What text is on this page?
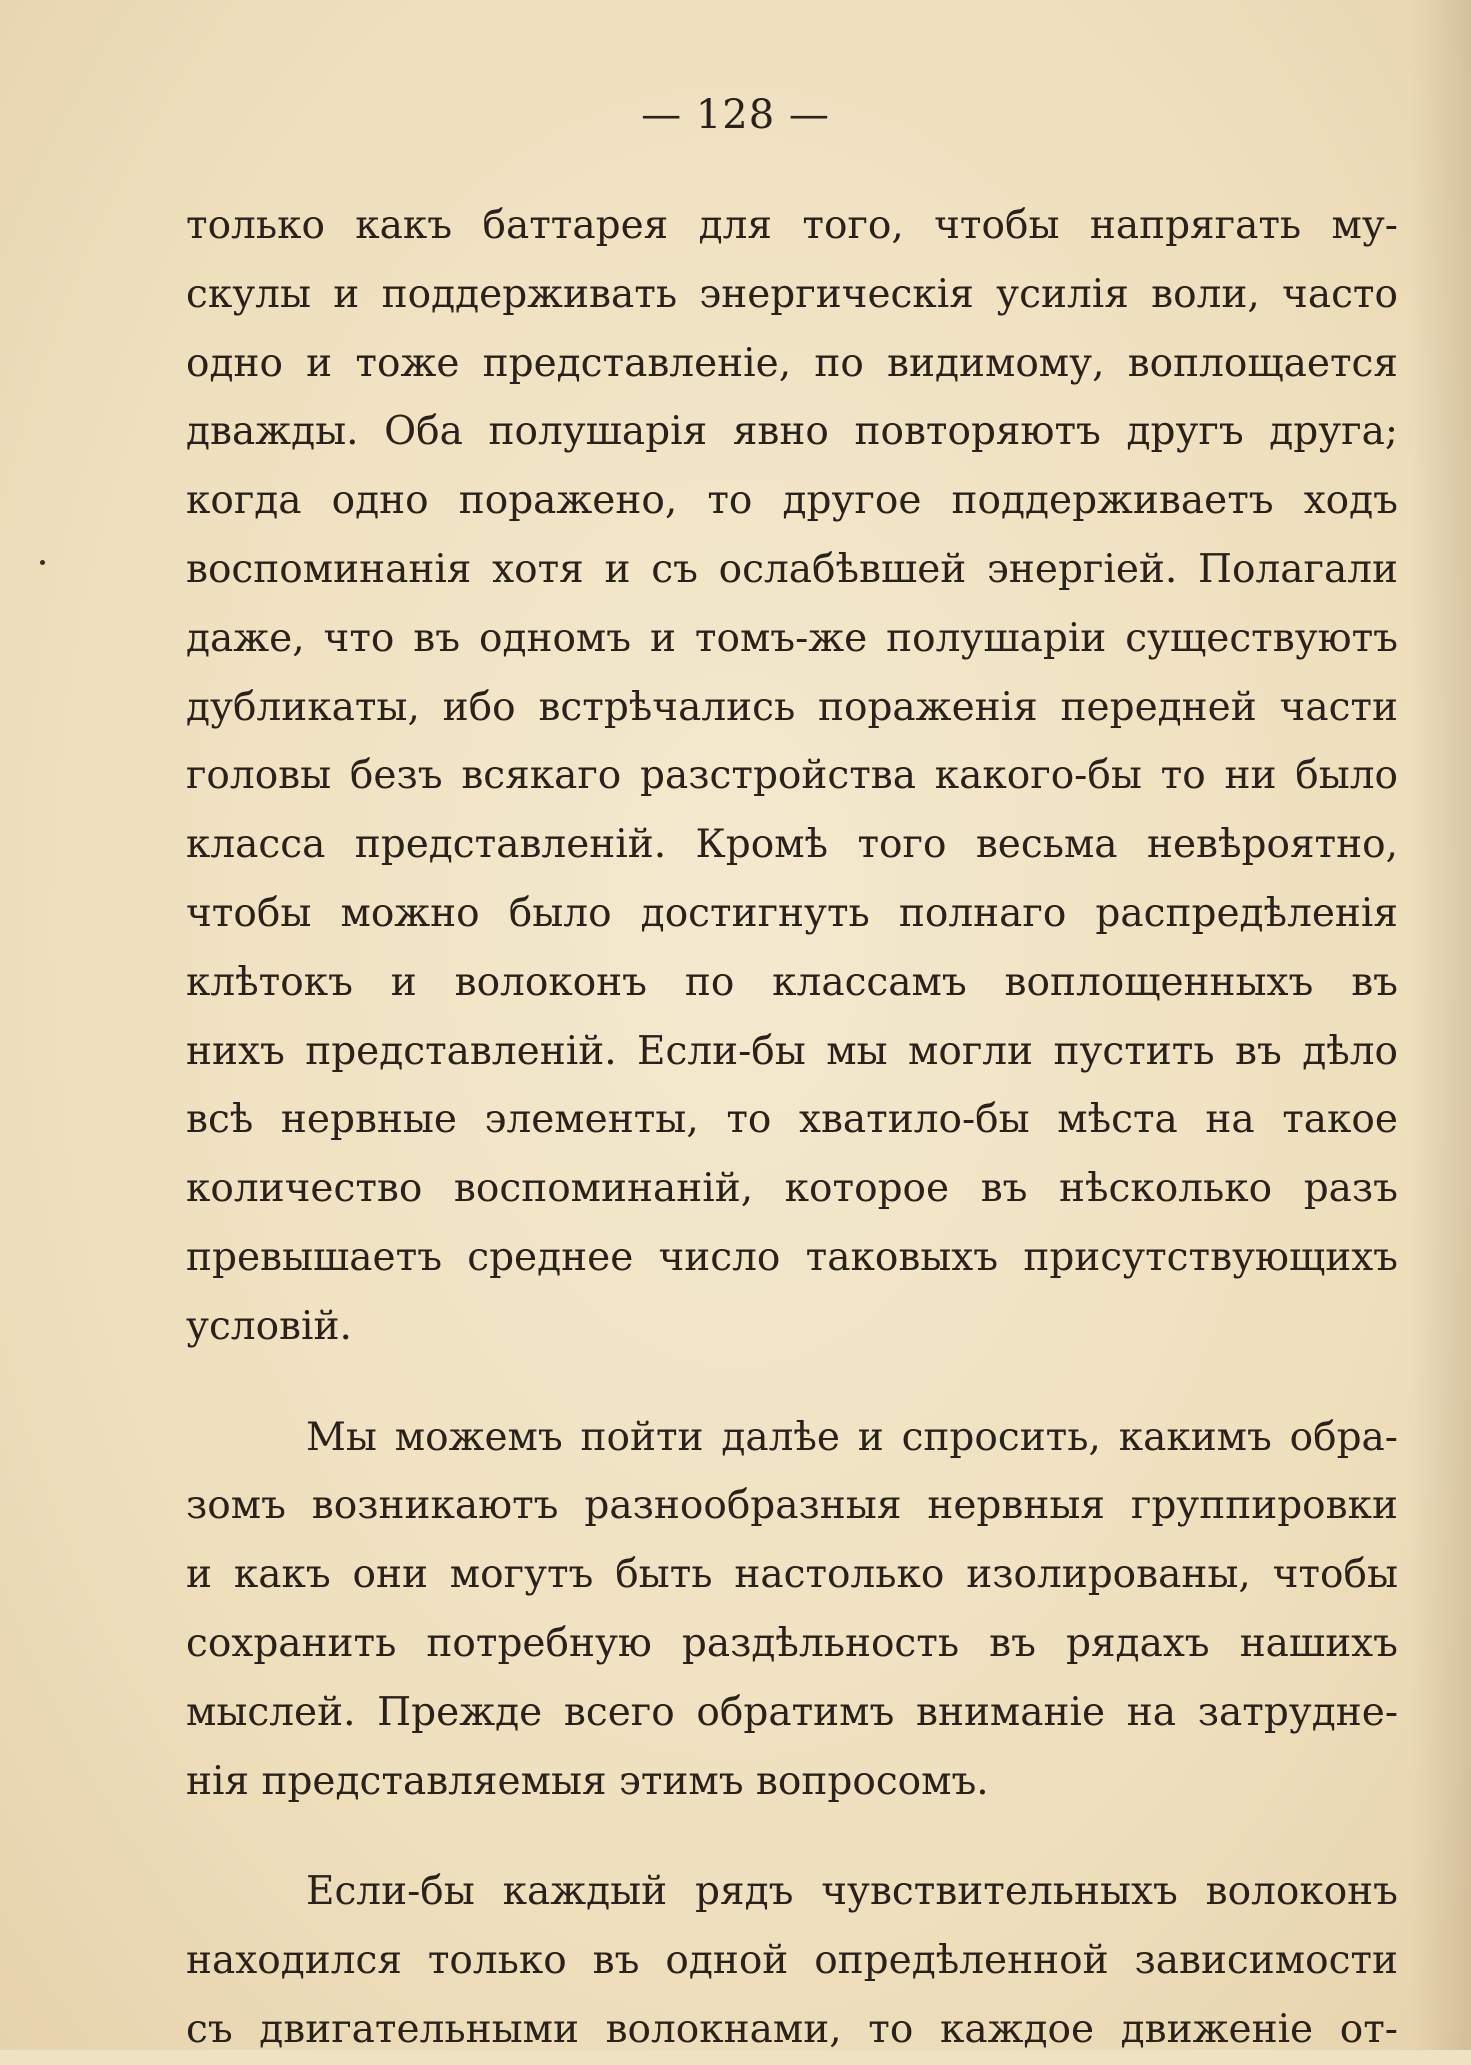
— 128 —
только какъ баттарея для того, чтобы напрягать му-
скулы и поддерживать энергическія усилія воли, часто
одно и тоже представленіе, по видимому, воплощается
дважды. Оба полушарія явно повторяютъ другъ друга;
когда одно поражено, то другое поддерживаетъ ходъ
воспоминанія хотя и съ ослабѣвшей энергіей. Полагали
даже, что въ одномъ и томъ-же полушаріи существуютъ
дубликаты, ибо встрѣчались пораженія передней части
головы безъ всякаго разстройства какого-бы то ни было
класса представленій. Кромѣ того весьма невѣроятно,
чтобы можно было достигнуть полнаго распредѣленія
клѣтокъ и волоконъ по классамъ воплощенныхъ въ
нихъ представленій. Если-бы мы могли пустить въ дѣло
всѣ нервные элементы, то хватило-бы мѣста на такое
количество воспоминаній, которое въ нѣсколько разъ
превышаетъ среднее число таковыхъ присутствующихъ
условій.
Мы можемъ пойти далѣе и спросить, какимъ обра-
зомъ возникаютъ разнообразныя нервныя группировки
и какъ они могутъ быть настолько изолированы, чтобы
сохранить потребную раздѣльность въ рядахъ нашихъ
мыслей. Прежде всего обратимъ вниманіе на затрудне-
нія представляемыя этимъ вопросомъ.
Если-бы каждый рядъ чувствительныхъ волоконъ
находился только въ одной опредѣленной зависимости
съ двигательными волокнами, то каждое движеніе от-
